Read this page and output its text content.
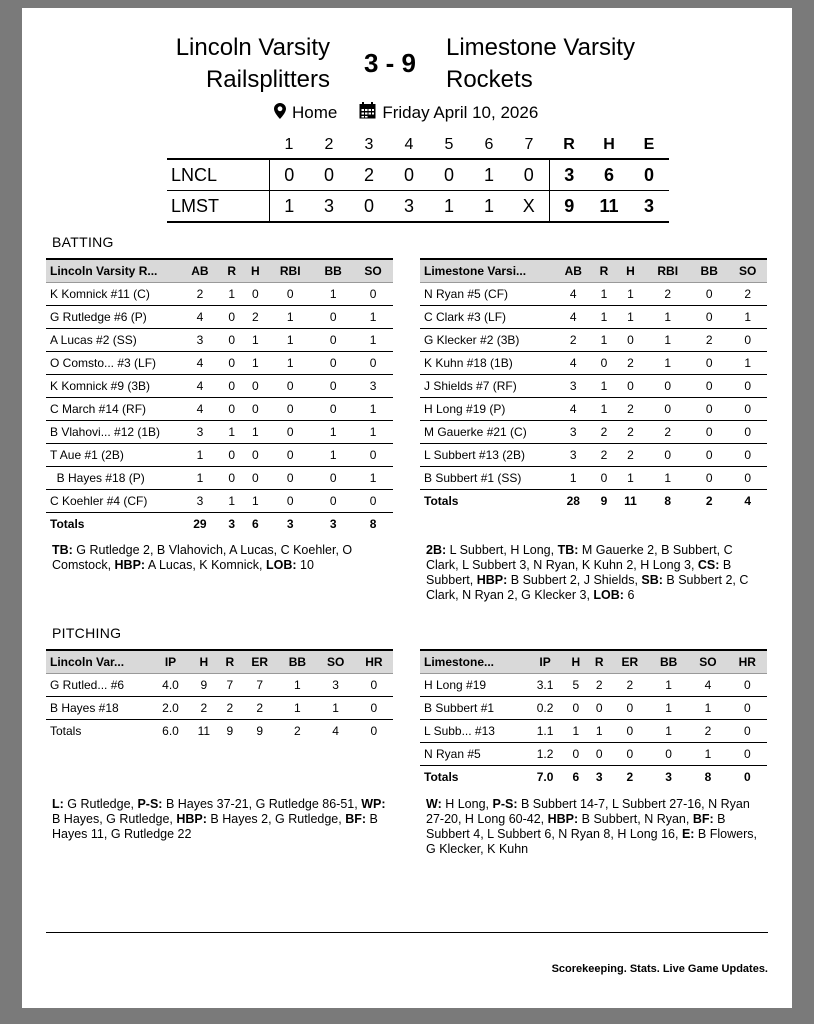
Lincoln Varsity
Railsplitters
3 - 9
Limestone Varsity
Rockets
Home	Friday April 10, 2026
	1	2	3	4	5	6	7	R	H	E
LNCL	0	0	2	0	0	1	0	3	6	0
LMST	1	3	0	3	1	1	X	9	11	3
BATTING
Lincoln Varsity R...	AB	R	H	RBI	BB	SO
K Komnick #11 (C)	2	1	0	0	1	0
G Rutledge #6 (P)	4	0	2	1	0	1
A Lucas #2 (SS)	3	0	1	1	0	1
O Comsto... #3 (LF)	4	0	1	1	0	0
K Komnick #9 (3B)	4	0	0	0	0	3
C March #14 (RF)	4	0	0	0	0	1
B Vlahovi... #12 (1B)	3	1	1	0	1	1
T Aue #1 (2B)	1	0	0	0	1	0
B Hayes #18 (P)	1	0	0	0	0	1
C Koehler #4 (CF)	3	1	1	0	0	0
Totals	29	3	6	3	3	8
Limestone Varsi...	AB	R	H	RBI	BB	SO
N Ryan #5 (CF)	4	1	1	2	0	2
C Clark #3 (LF)	4	1	1	1	0	1
G Klecker #2 (3B)	2	1	0	1	2	0
K Kuhn #18 (1B)	4	0	2	1	0	1
J Shields #7 (RF)	3	1	0	0	0	0
H Long #19 (P)	4	1	2	0	0	0
M Gauerke #21 (C)	3	2	2	2	0	0
L Subbert #13 (2B)	3	2	2	0	0	0
B Subbert #1 (SS)	1	0	1	1	0	0
Totals	28	9	11	8	2	4
TB: G Rutledge 2, B Vlahovich, A Lucas, C Koehler, O Comstock, HBP: A Lucas, K Komnick, LOB: 10
2B: L Subbert, H Long, TB: M Gauerke 2, B Subbert, C Clark, L Subbert 3, N Ryan, K Kuhn 2, H Long 3, CS: B Subbert, HBP: B Subbert 2, J Shields, SB: B Subbert 2, C Clark, N Ryan 2, G Klecker 3, LOB: 6
PITCHING
Lincoln Var...	IP	H	R	ER	BB	SO	HR
G Rutled... #6	4.0	9	7	7	1	3	0
B Hayes #18	2.0	2	2	2	1	1	0
Totals	6.0	11	9	9	2	4	0
Limestone...	IP	H	R	ER	BB	SO	HR
H Long #19	3.1	5	2	2	1	4	0
B Subbert #1	0.2	0	0	0	1	1	0
L Subb... #13	1.1	1	1	0	1	2	0
N Ryan #5	1.2	0	0	0	0	1	0
Totals	7.0	6	3	2	3	8	0
L: G Rutledge, P-S: B Hayes 37-21, G Rutledge 86-51, WP: B Hayes, G Rutledge, HBP: B Hayes 2, G Rutledge, BF: B Hayes 11, G Rutledge 22
W: H Long, P-S: B Subbert 14-7, L Subbert 27-16, N Ryan 27-20, H Long 60-42, HBP: B Subbert, N Ryan, BF: B Subbert 4, L Subbert 6, N Ryan 8, H Long 16, E: B Flowers, G Klecker, K Kuhn
Scorekeeping. Stats. Live Game Updates.
